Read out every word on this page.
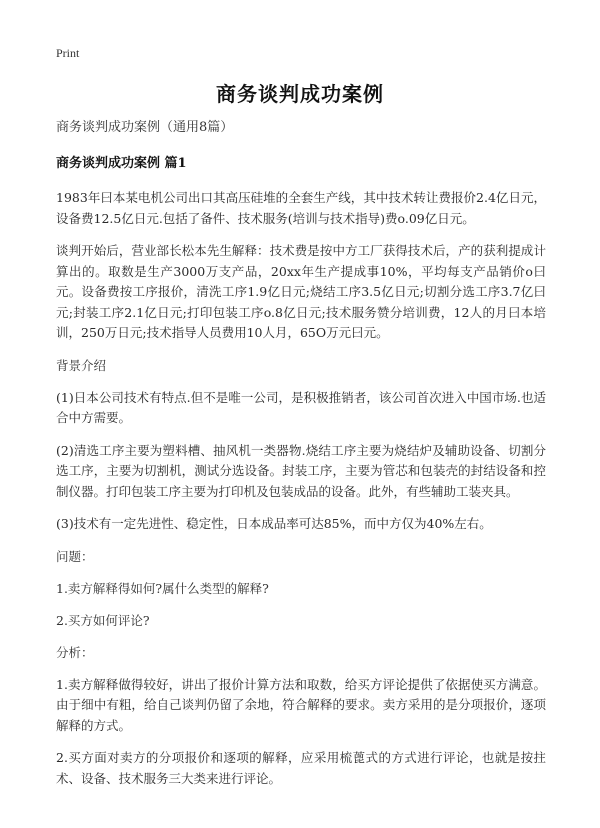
Print
商务谈判成功案例
商务谈判成功案例（通用8篇）
商务谈判成功案例 篇1

1983年曰本某电机公司出口其高压硅堆的全套生产线，其中技术转让费报价2.4亿日元，设备费12.5亿日元.包括了备件、技术服务(培训与技术指导)费o.09亿日元。

谈判开始后，营业部长松本先生解释：技术费是按中方工厂获得技术后，产的获利提成计算出的。取数是生产3000万支产品，20xx年生产提成事10%，平均每支产品销价o曰元。设备费按工序报价，清洗工序1.9亿日元;烧结工序3.5亿日元;切割分选工序3.7亿曰元;封装工序2.1亿日元;打印包装工序o.8亿日元;技术服务赞分培训费，12人的月曰本培训，250万日元;技术指导人员费用10人月，65O万元曰元。

背景介绍

(1)日本公司技术有特点.但不是唯一公司，是积极推销者，该公司首次进入中国市场.也适合中方需要。

(2)清选工序主要为塑料槽、抽风机一类器物.烧结工序主要为烧结炉及辅助设备、切割分选工序，主要为切割机，测试分选设备。封装工序，主要为管芯和包装壳的封结设备和控制仪器。打印包装工序主要为打印机及包装成品的设备。此外，有些辅助工装夹具。

(3)技术有一定先进性、稳定性，日本成品率可达85%，而中方仅为40%左右。

问题：
1.卖方解释得如何?属什么类型的解释?
2.买方如何评论?
分析：

1.卖方解释做得较好，讲出了报价计算方法和取数，给买方评论提供了依据使买方满意。由于细中有粗，给自己谈判仍留了余地，符合解释的要求。卖方采用的是分项报价，逐项解释的方式。

2.买方面对卖方的分项报价和逐项的解释，应采用梳蓖式的方式进行评论，也就是按拄术、设备、技术服务三大类来进行评论。
